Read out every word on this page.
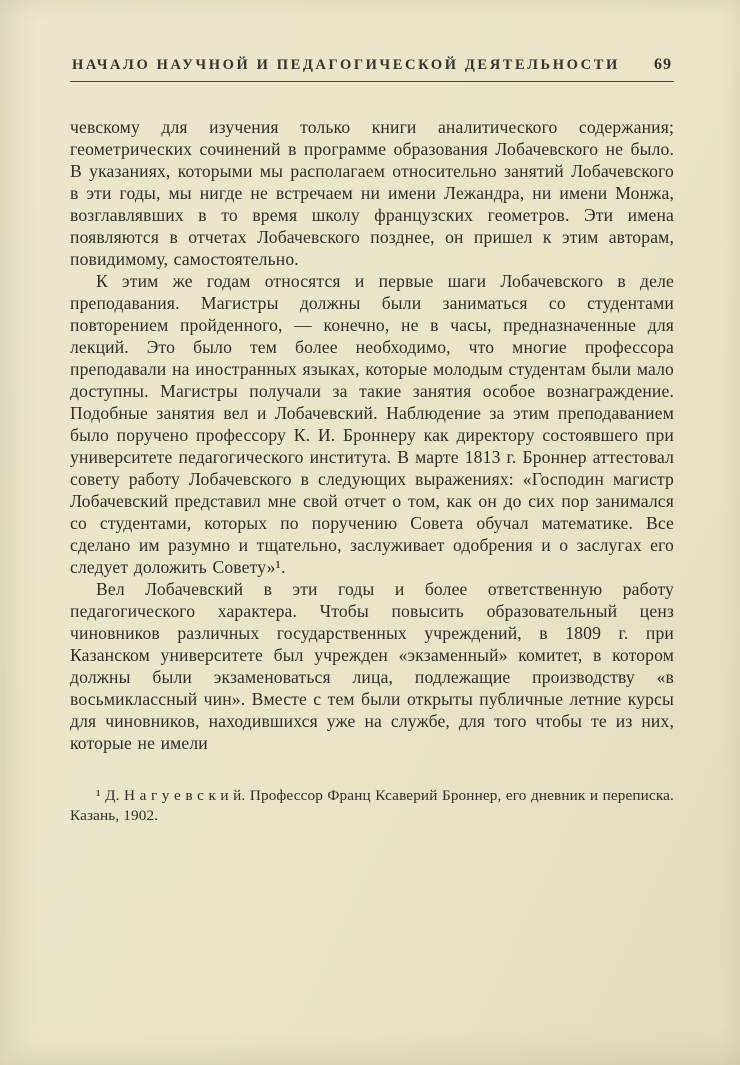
НАЧАЛО НАУЧНОЙ И ПЕДАГОГИЧЕСКОЙ ДЕЯТЕЛЬНОСТИ 69

чевскому для изучения только книги аналитического содержания; геометрических сочинений в программе образования Лобачевского не было. В указаниях, которыми мы располагаем относительно занятий Лобачевского в эти годы, мы нигде не встречаем ни имени Лежандра, ни имени Монжа, возглавлявших в то время школу французских геометров. Эти имена появляются в отчетах Лобачевского позднее, он пришел к этим авторам, повидимому, самостоятельно.

К этим же годам относятся и первые шаги Лобачевского в деле преподавания. Магистры должны были заниматься со студентами повторением пройденного, — конечно, не в часы, предназначенные для лекций. Это было тем более необходимо, что многие профессора преподавали на иностранных языках, которые молодым студентам были мало доступны. Магистры получали за такие занятия особое вознаграждение. Подобные занятия вел и Лобачевский. Наблюдение за этим преподаванием было поручено профессору К. И. Броннеру как директору состоявшего при университете педагогического института. В марте 1813 г. Броннер аттестовал совету работу Лобачевского в следующих выражениях: «Господин магистр Лобачевский представил мне свой отчет о том, как он до сих пор занимался со студентами, которых по поручению Совета обучал математике. Все сделано им разумно и тщательно, заслуживает одобрения и о заслугах его следует доложить Совету»¹.

Вел Лобачевский в эти годы и более ответственную работу педагогического характера. Чтобы повысить образовательный ценз чиновников различных государственных учреждений, в 1809 г. при Казанском университете был учрежден «экзаменный» комитет, в котором должны были экзаменоваться лица, подлежащие производству «в восьмиклассный чин». Вместе с тем были открыты публичные летние курсы для чиновников, находившихся уже на службе, для того чтобы те из них, которые не имели

¹ Д. Н а г у е в с к и й. Профессор Франц Ксаверий Броннер, его дневник и переписка. Казань, 1902.
